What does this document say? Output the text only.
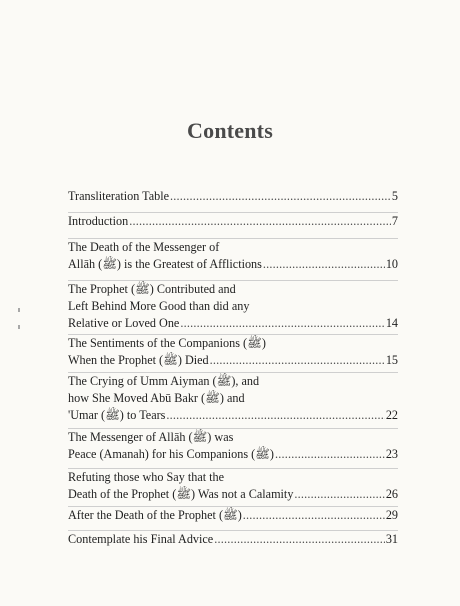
Contents
Transliteration Table .....	5
Introduction .....	7
The Death of the Messenger of
Allāh (ﷺ) is the Greatest of Afflictions .....	10
The Prophet (ﷺ) Contributed and
Left Behind More Good than did any
Relative or Loved One .....	14
The Sentiments of the Companions (ﷺ)
When the Prophet (ﷺ) Died .....	15
The Crying of Umm Aiyman (ﷺ), and
how She Moved Abū Bakr (ﷺ) and
'Umar (ﷺ) to Tears .....	22
The Messenger of Allāh (ﷺ) was
Peace (Amanah) for his Companions (ﷺ) .....	23
Refuting those who Say that the
Death of the Prophet (ﷺ) Was not a Calamity .....	26
After the Death of the Prophet (ﷺ) .....	29
Contemplate his Final Advice .....	31
